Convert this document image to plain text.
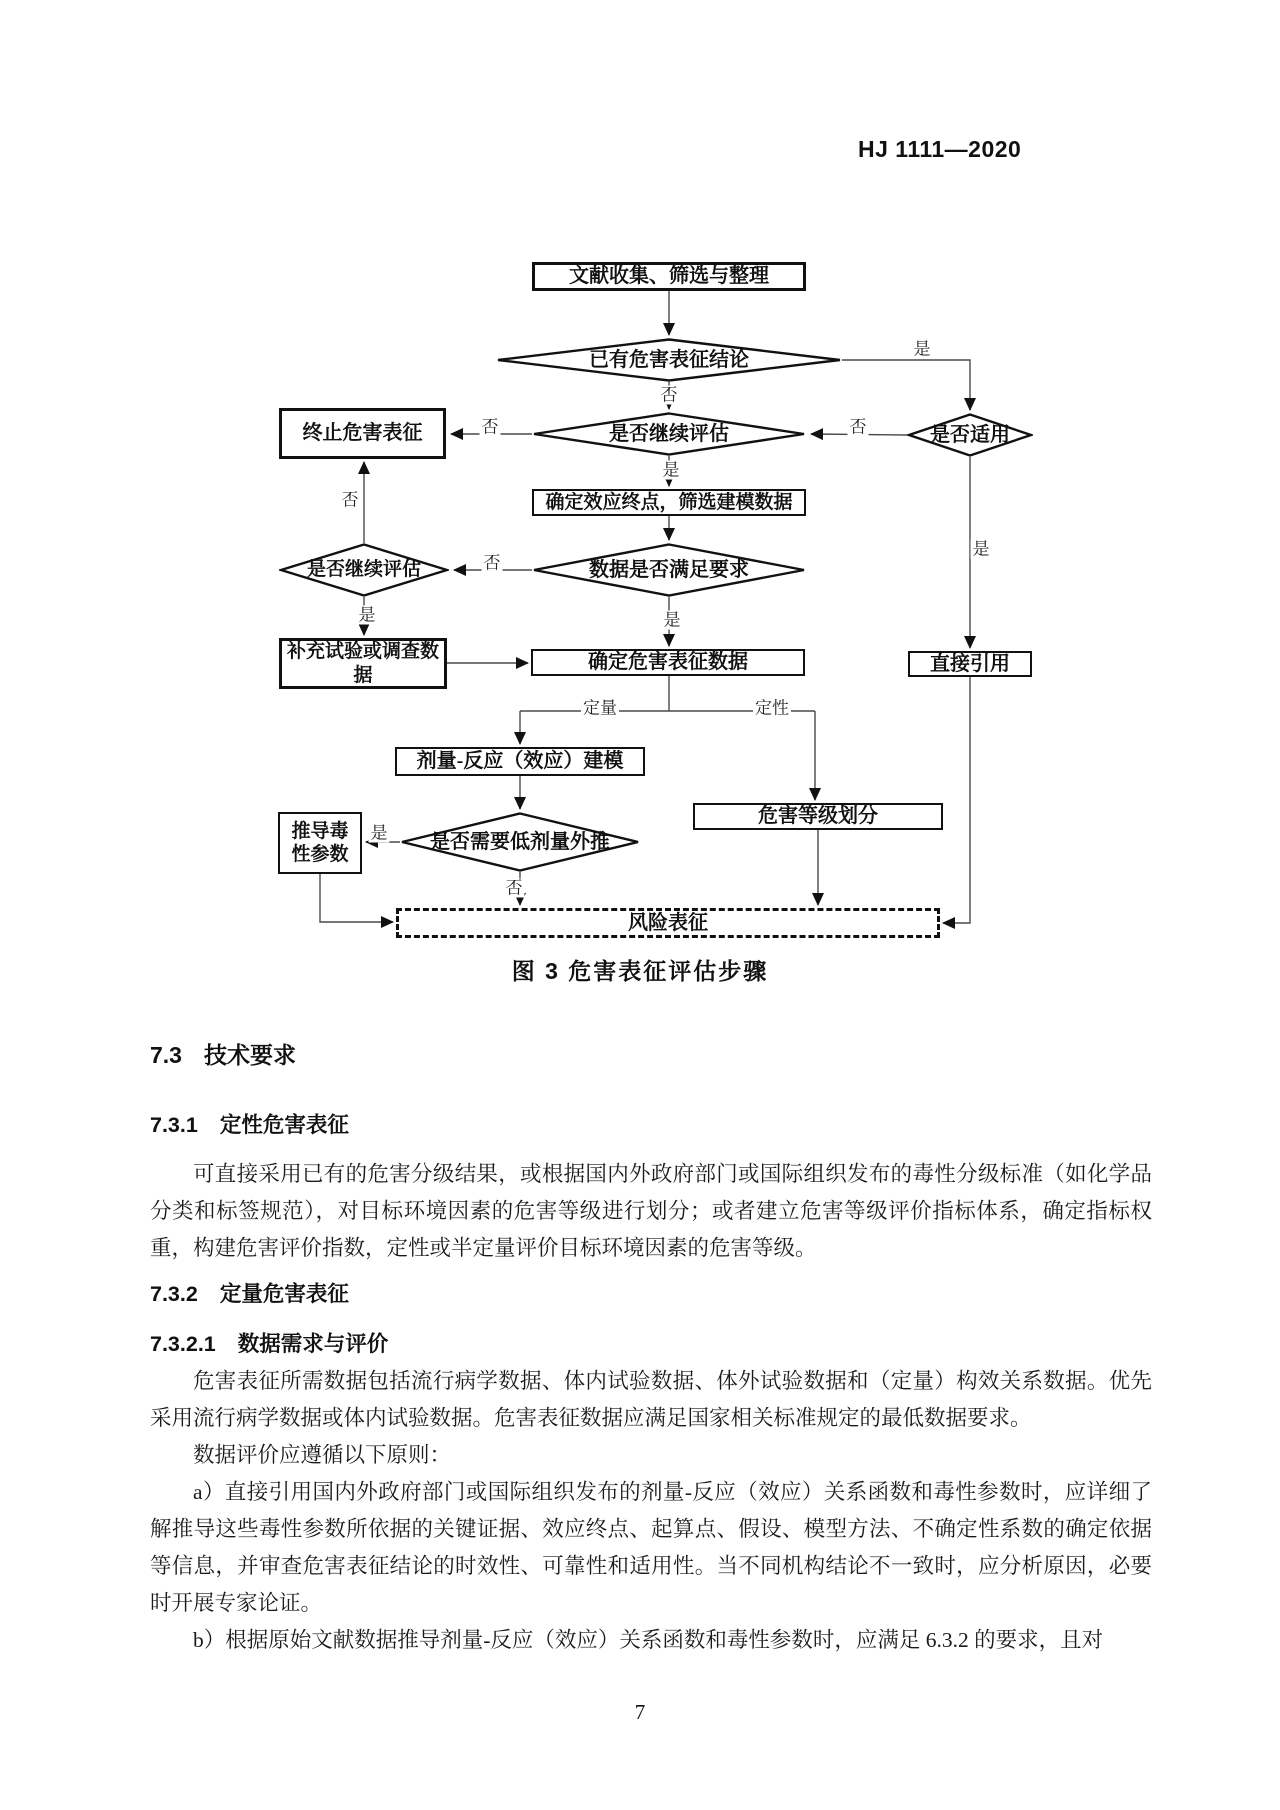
HJ 1111—2020
文献收集、筛选与整理
终止危害表征
确定效应终点，筛选建模数据
补充试验或调查数据
确定危害表征数据
剂量-反应（效应）建模
推导毒性参数
危害等级划分
直接引用
风险表征
已有危害表征结论
是否继续评估	是否适用
数据是否满足要求
是否继续评估
是否需要低剂量外推
是
否
否	否
是
否
否
是	是
定量	定性
是
否
是
图 3 危害表征评估步骤
7.3 技术要求
7.3.1 定性危害表征

可直接采用已有的危害分级结果，或根据国内外政府部门或国际组织发布的毒性分级标准（如化学品分类和标签规范），对目标环境因素的危害等级进行划分；或者建立危害等级评价指标体系，确定指标权重，构建危害评价指数，定性或半定量评价目标环境因素的危害等级。

7.3.2 定量危害表征
7.3.2.1 数据需求与评价

危害表征所需数据包括流行病学数据、体内试验数据、体外试验数据和（定量）构效关系数据。优先采用流行病学数据或体内试验数据。危害表征数据应满足国家相关标准规定的最低数据要求。

数据评价应遵循以下原则：

a）直接引用国内外政府部门或国际组织发布的剂量-反应（效应）关系函数和毒性参数时，应详细了解推导这些毒性参数所依据的关键证据、效应终点、起算点、假设、模型方法、不确定性系数的确定依据等信息，并审查危害表征结论的时效性、可靠性和适用性。当不同机构结论不一致时，应分析原因，必要时开展专家论证。

b）根据原始文献数据推导剂量-反应（效应）关系函数和毒性参数时，应满足 6.3.2 的要求，且对

7
